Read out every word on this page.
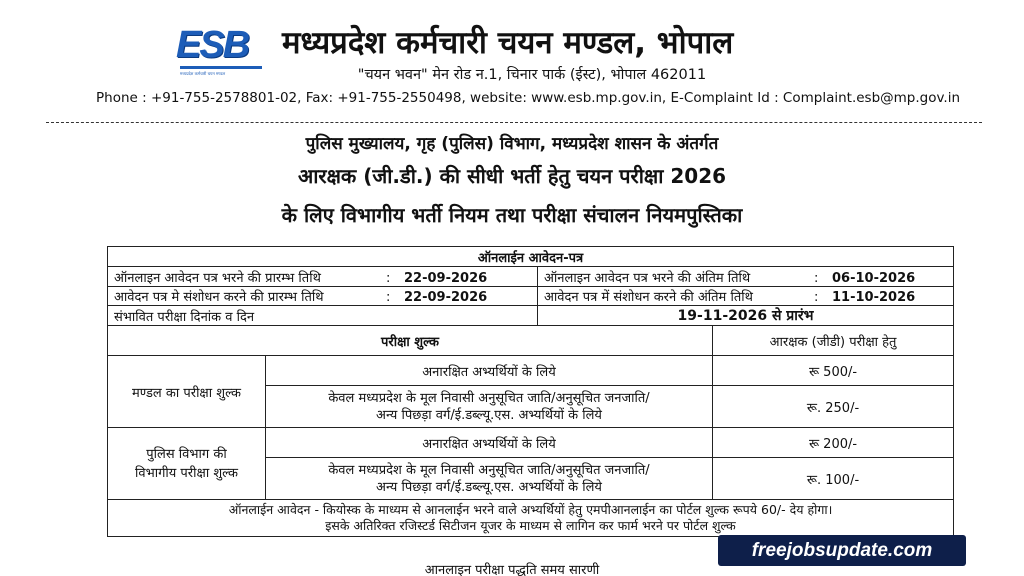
ESB
मध्यप्रदेश कर्मचारी चयन मण्डल
मध्यप्रदेश कर्मचारी चयन मण्डल, भोपाल
"चयन भवन" मेन रोड न.1, चिनार पार्क (ईस्ट), भोपाल 462011
Phone : +91-755-2578801-02, Fax: +91-755-2550498, website: www.esb.mp.gov.in, E-Complaint Id : Complaint.esb@mp.gov.in
पुलिस मुख्यालय, गृह (पुलिस) विभाग, मध्यप्रदेश शासन के अंतर्गत
आरक्षक (जी.डी.) की सीधी भर्ती हेतु चयन परीक्षा 2026
के लिए विभागीय भर्ती नियम तथा परीक्षा संचालन नियमपुस्तिका
ऑनलाईन आवेदन-पत्र			
ऑनलाइन आवेदन पत्र भरने की प्रारम्भ तिथि : 22-09-2026		ऑनलाइन आवेदन पत्र भरने की अंतिम तिथि : 06-10-2026	
आवेदन पत्र मे संशोधन करने की प्रारम्भ तिथि : 22-09-2026		आवेदन पत्र में संशोधन करने की अंतिम तिथि : 11-10-2026	
संभावित परीक्षा दिनांक व दिन		19-11-2026 से प्रारंभ	
परीक्षा शुल्क			आरक्षक (जीडी) परीक्षा हेतु
मण्डल का परीक्षा शुल्क	अनारक्षित अभ्यर्थियों के लिये		रू 500/-

	केवल मध्यप्रदेश के मूल निवासी अनुसूचित जाति/अनुसूचित जनजाति/
अन्य पिछड़ा वर्ग/ई.डब्ल्यू.एस. अभ्यर्थियों के लिये		रू. 250/-

पुलिस विभाग की
विभागीय परीक्षा शुल्क	अनारक्षित अभ्यर्थियों के लिये		रू 200/-

	केवल मध्यप्रदेश के मूल निवासी अनुसूचित जाति/अनुसूचित जनजाति/
अन्य पिछड़ा वर्ग/ई.डब्ल्यू.एस. अभ्यर्थियों के लिये		रू. 100/-

ऑनलाईन आवेदन - कियोस्क के माध्यम से आनलाईन भरने वाले अभ्यर्थियों हेतु एमपीआनलाईन का पोर्टल शुल्क रूपये 60/- देय होगा।
इसके अतिरिक्त रजिस्टर्ड सिटीजन यूजर के माध्यम से लागिन कर फार्म भरने पर पोर्टल शुल्क			
आनलाइन परीक्षा पद्धति समय सारणी
freejobsupdate.com
